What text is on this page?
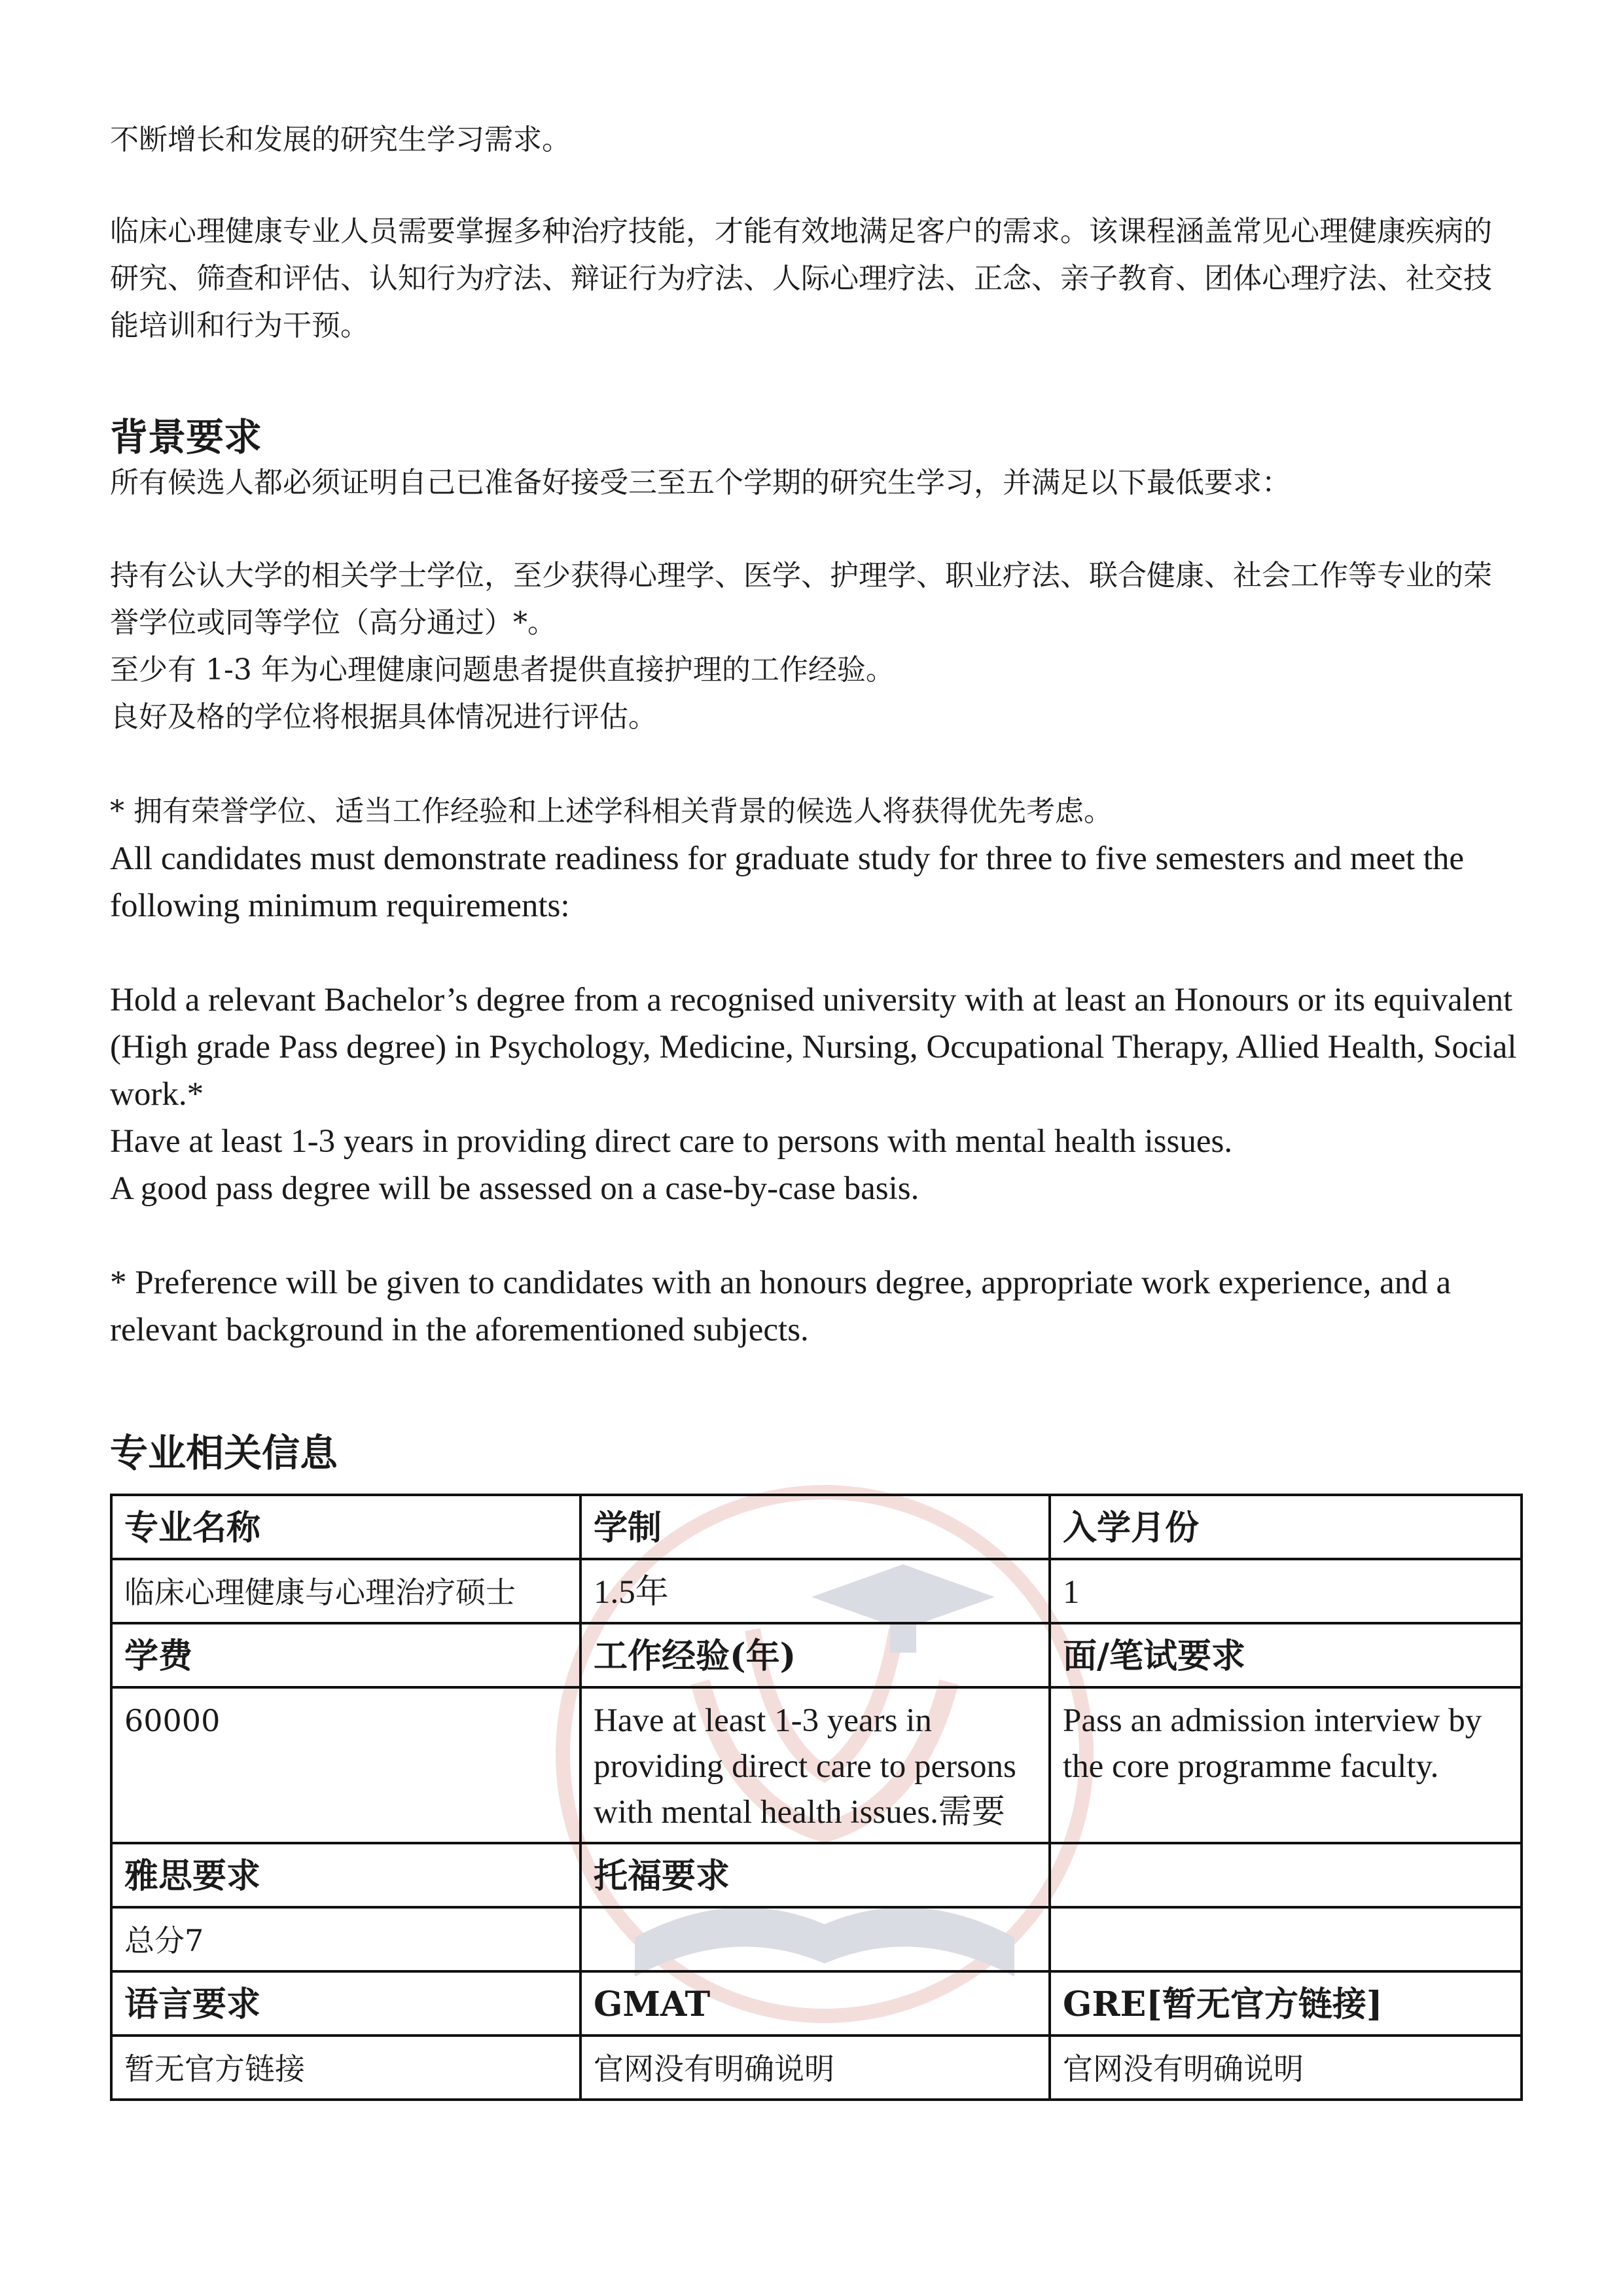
不断增长和发展的研究生学习需求。

临床心理健康专业人员需要掌握多种治疗技能，才能有效地满足客户的需求。该课程涵盖常见心理健康疾病的研究、筛查和评估、认知行为疗法、辩证行为疗法、人际心理疗法、正念、亲子教育、团体心理疗法、社交技能培训和行为干预。

背景要求

所有候选人都必须证明自己已准备好接受三至五个学期的研究生学习，并满足以下最低要求：

持有公认大学的相关学士学位，至少获得心理学、医学、护理学、职业疗法、联合健康、社会工作等专业的荣誉学位或同等学位（高分通过）*。

至少有 1-3 年为心理健康问题患者提供直接护理的工作经验。

良好及格的学位将根据具体情况进行评估。

* 拥有荣誉学位、适当工作经验和上述学科相关背景的候选人将获得优先考虑。

All candidates must demonstrate readiness for graduate study for three to five semesters and meet the following minimum requirements:

Hold a relevant Bachelor’s degree from a recognised university with at least an Honours or its equivalent (High grade Pass degree) in Psychology, Medicine, Nursing, Occupational Therapy, Allied Health, Social work.*

Have at least 1-3 years in providing direct care to persons with mental health issues.

A good pass degree will be assessed on a case-by-case basis.

* Preference will be given to candidates with an honours degree, appropriate work experience, and a relevant background in the aforementioned subjects.

专业相关信息
专业名称	学制	入学月份
临床心理健康与心理治疗硕士	1.5年	1
学费	工作经验(年)	面/笔试要求
60000	Have at least 1-3 years in providing direct care to persons with mental health issues.需要	Pass an admission interview by the core programme faculty.
雅思要求	托福要求	
总分7		
语言要求	GMAT	GRE[暂无官方链接]
暂无官方链接	官网没有明确说明	官网没有明确说明
